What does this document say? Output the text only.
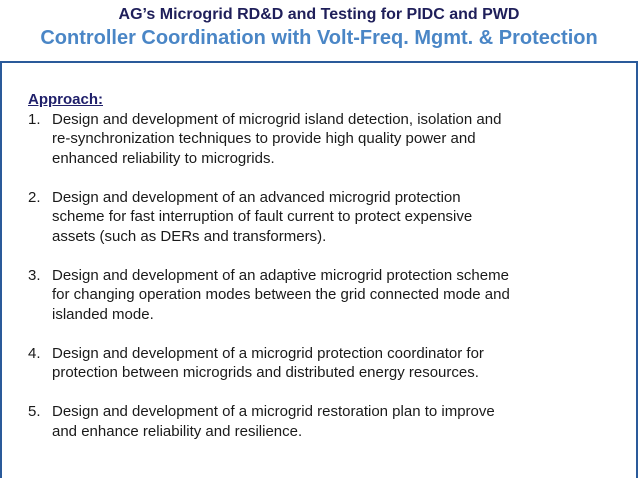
AG’s Microgrid RD&D and Testing for PIDC and PWD
Controller Coordination with Volt-Freq. Mgmt. & Protection
Approach:
1. Design and development of microgrid island detection, isolation and
re-synchronization techniques to provide high quality power and
enhanced reliability to microgrids.
2. Design and development of an advanced microgrid protection
scheme for fast interruption of fault current to protect expensive
assets (such as DERs and transformers).
3. Design and development of an adaptive microgrid protection scheme
for changing operation modes between the grid connected mode and
islanded mode.
4. Design and development of a microgrid protection coordinator for
protection between microgrids and distributed energy resources.
5. Design and development of a microgrid restoration plan to improve
and enhance reliability and resilience.
